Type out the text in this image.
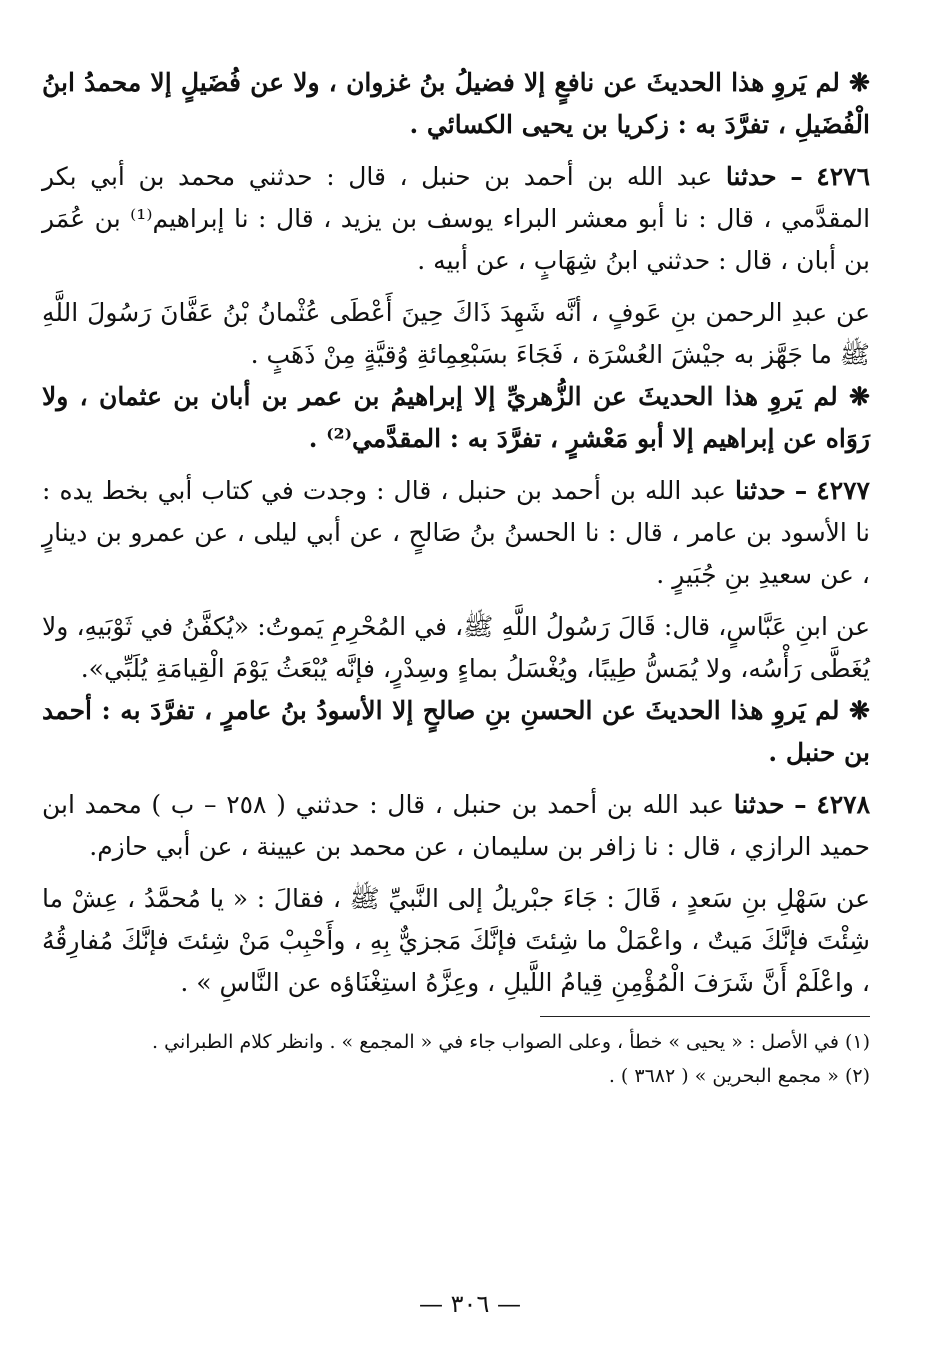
❋ لم يَروِ هذا الحديثَ عن نافعٍ إلا فضيلُ بنُ غزوان ، ولا عن فُضَيلٍ إلا محمدُ ابنُ الْفُضَيلِ ، تفرَّدَ به : زكريا بن يحيى الكسائي .

٤٢٧٦ – حدثنا عبد الله بن أحمد بن حنبل ، قال : حدثني محمد بن أبي بكر المقدَّمي ، قال : نا أبو معشر البراء يوسف بن يزيد ، قال : نا إبراهيم⁽¹⁾ بن عُمَر بن أبان ، قال : حدثني ابنُ شِهَابٍ ، عن أبيه .

عن عبدِ الرحمن بنِ عَوفٍ ، أنَّه شَهِدَ ذَاكَ حِينَ أَعْطَى عُثْمانُ بْنُ عَفَّانَ رَسُولَ اللَّهِ ﷺ ما جَهَّز به جيْشَ العُسْرَة ، فَجَاءَ بسَبْعِمِائةِ وُقيَّةٍ مِنْ ذَهَبٍ .

❋ لم يَروِ هذا الحديثَ عن الزُّهريِّ إلا إبراهيمُ بن عمر بن أبان بن عثمان ، ولا رَوَاه عن إبراهيم إلا أبو مَعْشرٍ ، تفرَّدَ به : المقدَّمي⁽²⁾ .

٤٢٧٧ – حدثنا عبد الله بن أحمد بن حنبل ، قال : وجدت في كتاب أبي بخط يده : نا الأسود بن عامر ، قال : نا الحسنُ بنُ صَالحٍ ، عن أبي ليلى ، عن عمرو بن دينارٍ ، عن سعيدِ بنِ جُبَيرٍ .

عن ابنِ عَبَّاسٍ، قال: قَالَ رَسُولُ اللَّهِ ﷺ، في المُحْرِمِ يَموتُ: «يُكفَّنُ في ثَوْبَيهِ، ولا يُغَطَّى رَأْسُه، ولا يُمَسُّ طِيبًا، ويُغْسَلُ بماءٍ وسِدْرٍ، فإنَّه يُبْعَثُ يَوْمَ الْقِيامَةِ يُلَبِّي».

❋ لم يَروِ هذا الحديثَ عن الحسنِ بنِ صالحٍ إلا الأسودُ بنُ عامرٍ ، تفرَّدَ به : أحمد بن حنبل .

٤٢٧٨ – حدثنا عبد الله بن أحمد بن حنبل ، قال : حدثني ( ٢٥٨ – ب ) محمد ابن حميد الرازي ، قال : نا زافر بن سليمان ، عن محمد بن عيينة ، عن أبي حازم.

عن سَهْلِ بنِ سَعدٍ ، قَالَ : جَاءَ جبْريلُ إلى النَّبيِّ ﷺ ، فقالَ : « يا مُحمَّدُ ، عِشْ ما شِئْتَ فإنَّكَ مَيتٌ ، واعْمَلْ ما شِئتَ فإنَّكَ مَجزيٌّ بِهِ ، وأَحْبِبْ مَنْ شِئتَ فإنَّكَ مُفارِقُهُ ، واعْلَمْ أَنَّ شَرَفَ الْمُؤْمِنِ قِيامُ اللَّيلِ ، وعِزَّهُ استِغْنَاؤه عن النَّاسِ » .

(١) في الأصل : « يحيى » خطأ ، وعلى الصواب جاء في « المجمع » . وانظر كلام الطبراني .

(٢) « مجمع البحرين » ( ٣٦٨٢ ) .

— ٣٠٦ —
